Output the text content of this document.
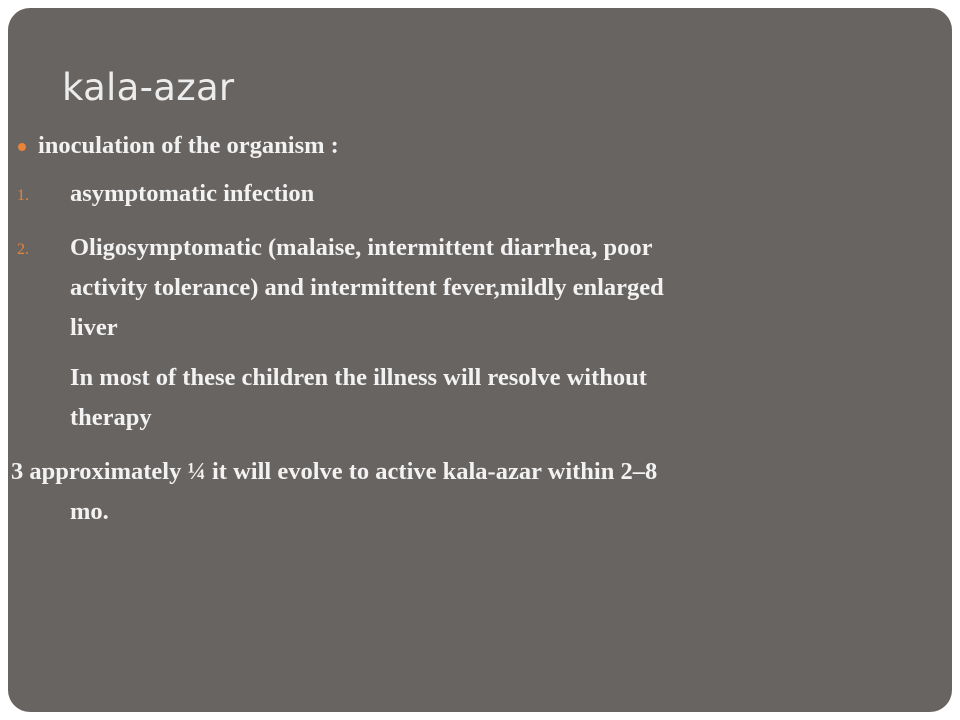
kala-azar
inoculation of the organism :
1. asymptomatic infection
2. Oligosymptomatic (malaise, intermittent diarrhea, poor
activity tolerance) and intermittent fever,mildly enlarged
liver
In most of these children the illness will resolve without
therapy
3 approximately ¼ it will evolve to active kala-azar within 2–8
mo.
